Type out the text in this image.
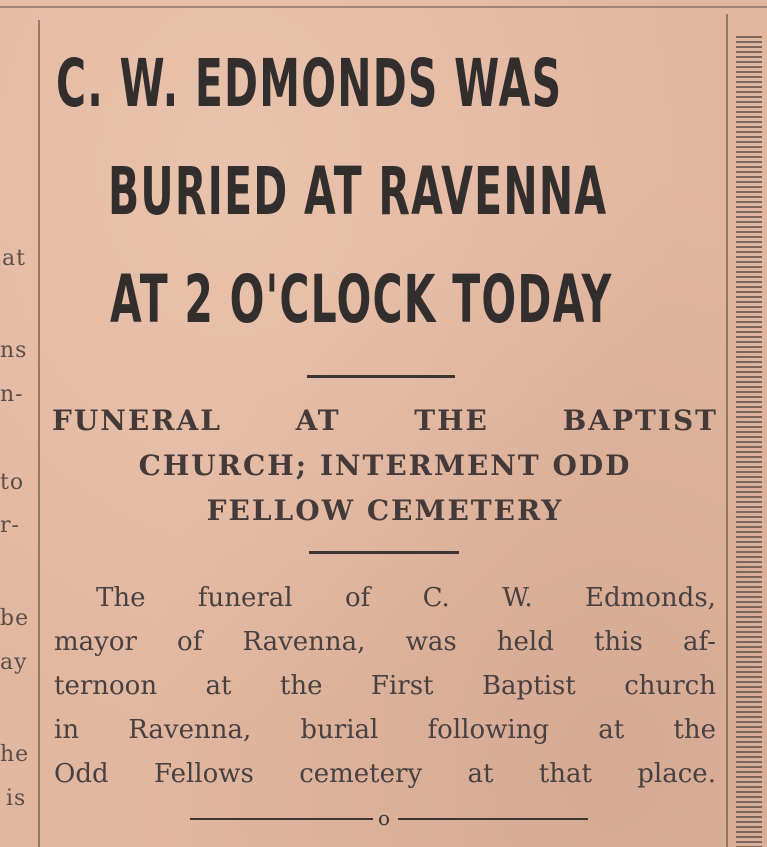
at
ns
n-
to
r-
be
ay
he
is
C. W. EDMONDS WAS
BURIED AT RAVENNA
AT 2 O'CLOCK TODAY
FUNERAL	AT	THE	BAPTIST
CHURCH; INTERMENT ODD
FELLOW CEMETERY
The funeral of C. W. Edmonds,
mayor of Ravenna, was held this af-
ternoon at the First Baptist church
in Ravenna, burial following at the
Odd Fellows cemetery at that place.
o
